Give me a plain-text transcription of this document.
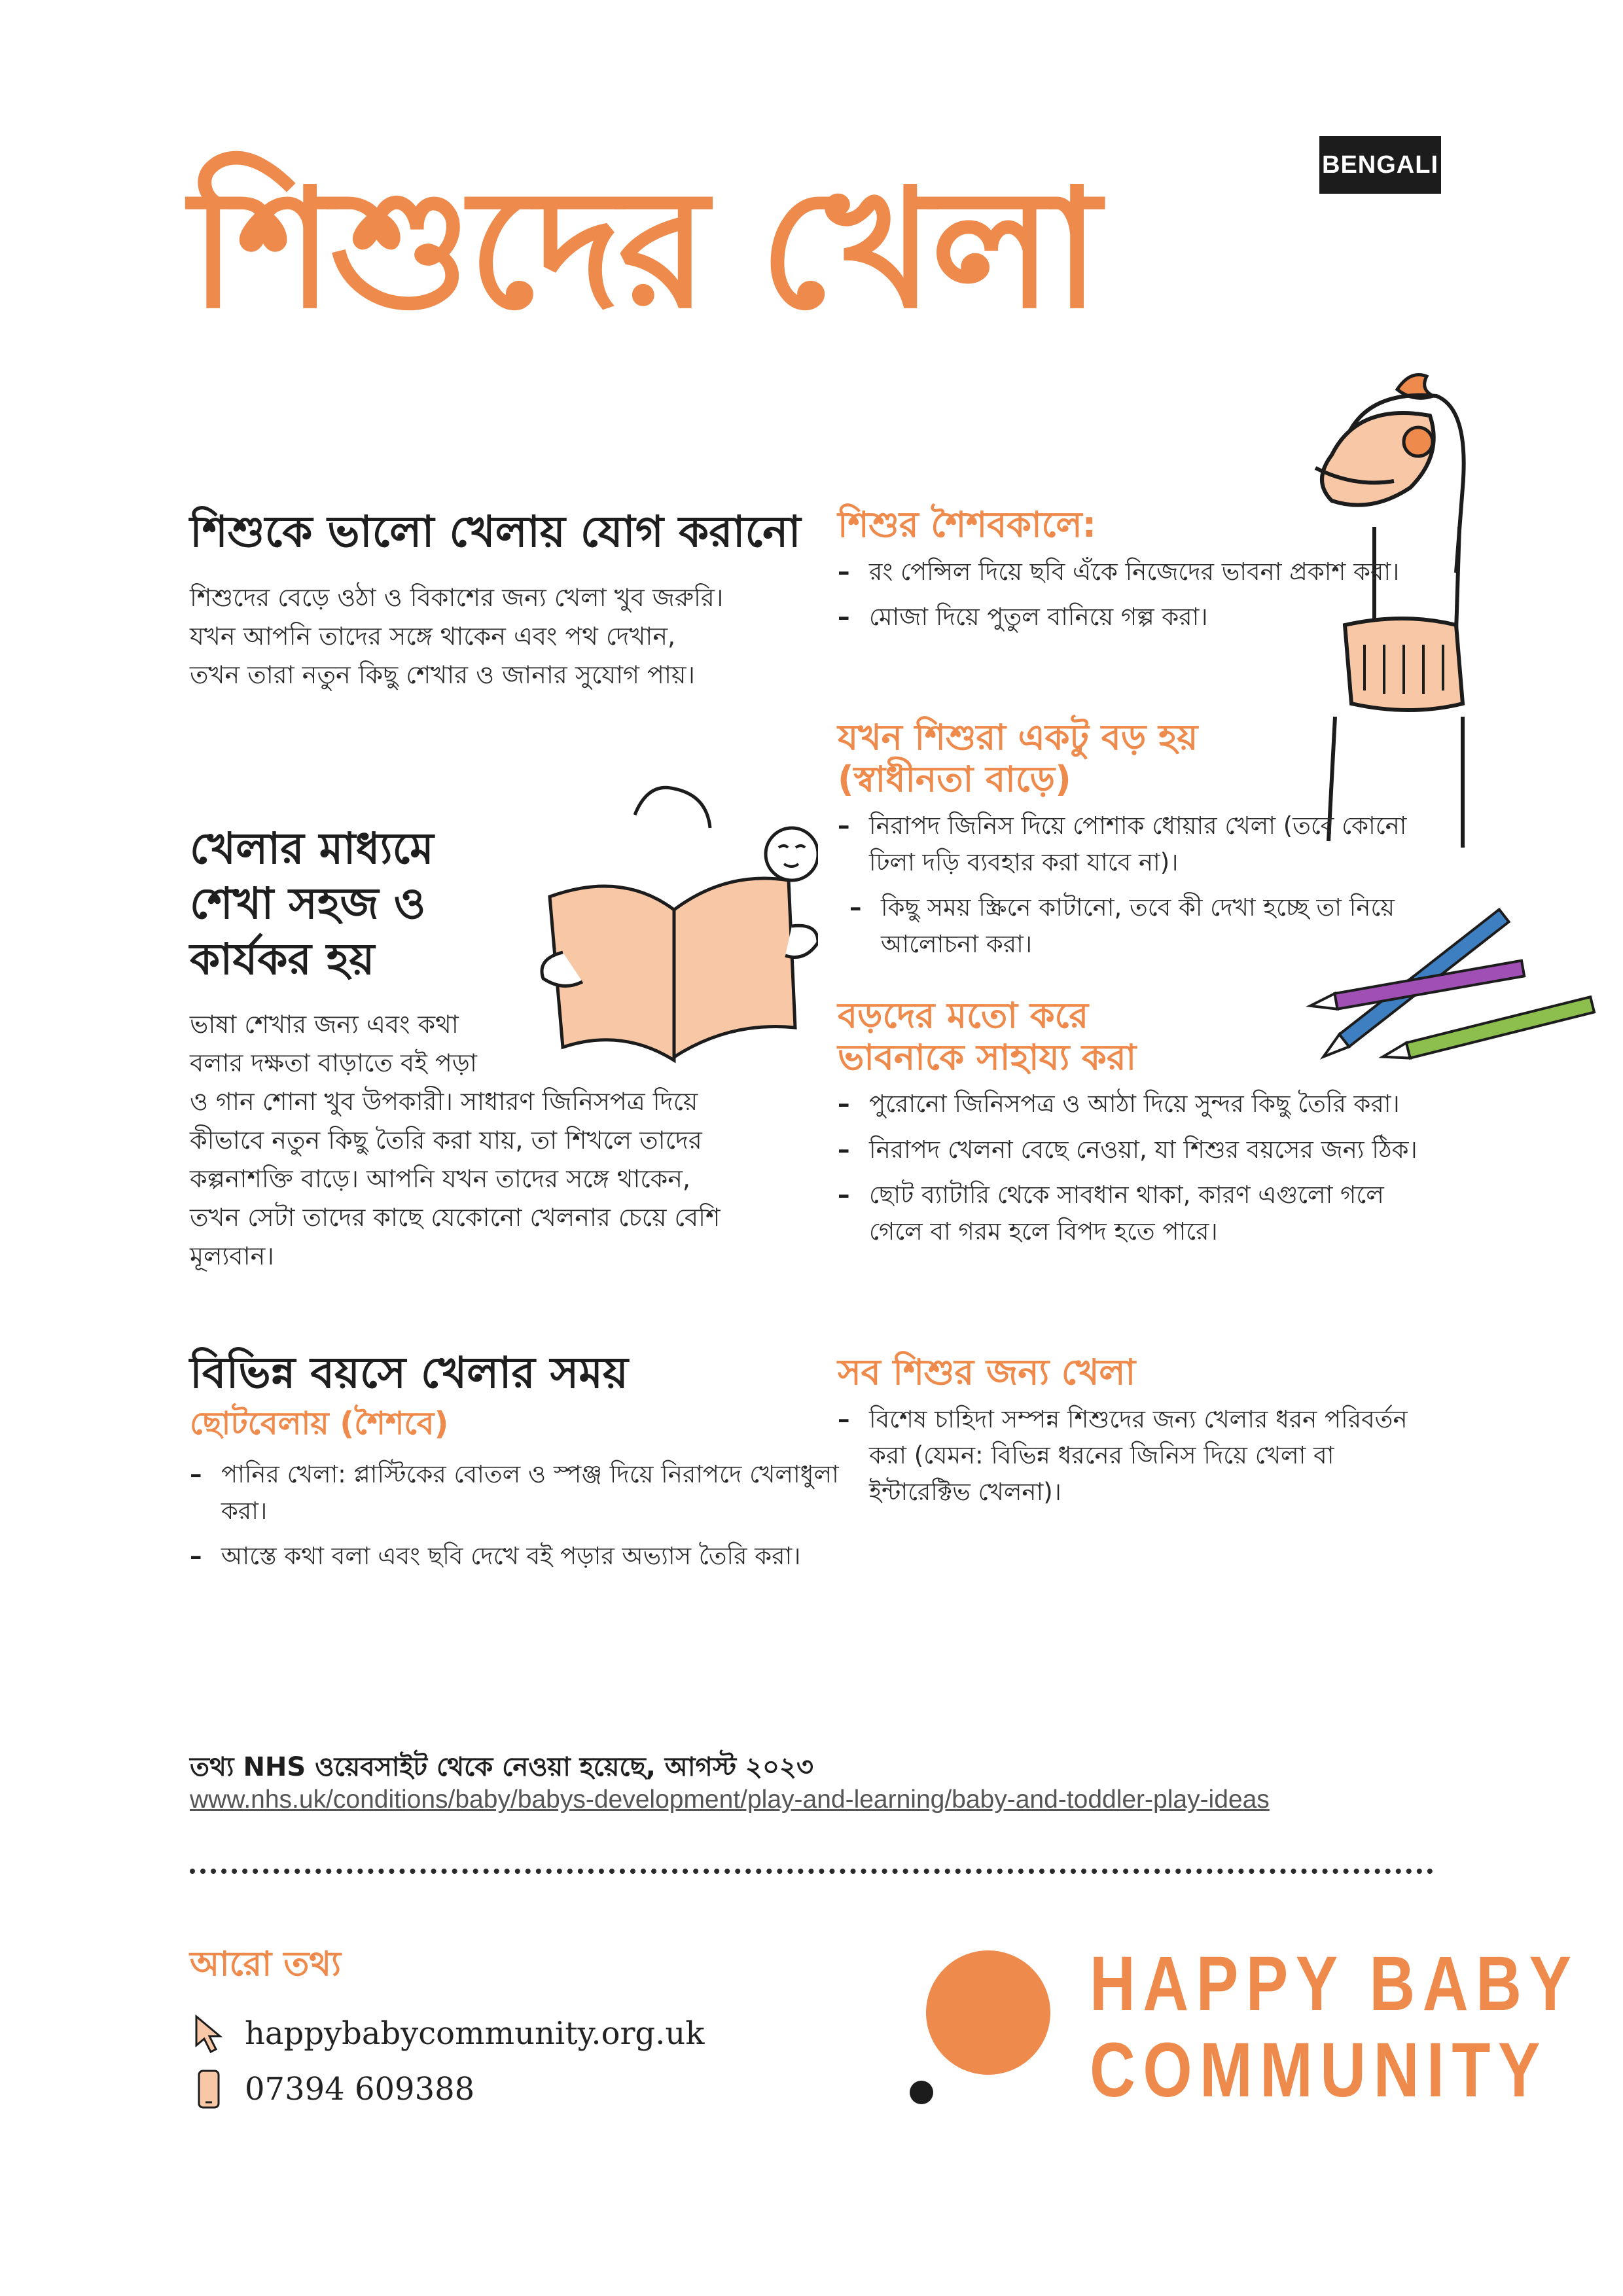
BENGALI
শিশুদের খেলা
শিশুকে ভালো খেলায় যোগ করানো
শিশুদের বেড়ে ওঠা ও বিকাশের জন্য খেলা খুব জরুরি।
যখন আপনি তাদের সঙ্গে থাকেন এবং পথ দেখান,
তখন তারা নতুন কিছু শেখার ও জানার সুযোগ পায়।
খেলার মাধ্যমে
শেখা সহজ ও
কার্যকর হয়
ভাষা শেখার জন্য এবং কথা
বলার দক্ষতা বাড়াতে বই পড়া
ও গান শোনা খুব উপকারী। সাধারণ জিনিসপত্র দিয়ে
কীভাবে নতুন কিছু তৈরি করা যায়, তা শিখলে তাদের
কল্পনাশক্তি বাড়ে। আপনি যখন তাদের সঙ্গে থাকেন,
তখন সেটা তাদের কাছে যেকোনো খেলনার চেয়ে বেশি
মূল্যবান।
বিভিন্ন বয়সে খেলার সময়
ছোটবেলায় (শৈশবে)
– পানির খেলা: প্লাস্টিকের বোতল ও স্পঞ্জ দিয়ে নিরাপদে খেলাধুলা করা।
– আস্তে কথা বলা এবং ছবি দেখে বই পড়ার অভ্যাস তৈরি করা।
শিশুর শৈশবকালে:
– রং পেন্সিল দিয়ে ছবি এঁকে নিজেদের ভাবনা প্রকাশ করা।
– মোজা দিয়ে পুতুল বানিয়ে গল্প করা।
যখন শিশুরা একটু বড় হয়
(স্বাধীনতা বাড়ে)
– নিরাপদ জিনিস দিয়ে পোশাক ধোয়ার খেলা (তবে কোনো ঢিলা দড়ি ব্যবহার করা যাবে না)।
– কিছু সময় স্ক্রিনে কাটানো, তবে কী দেখা হচ্ছে তা নিয়ে আলোচনা করা।
বড়দের মতো করে
ভাবনাকে সাহায্য করা
– পুরোনো জিনিসপত্র ও আঠা দিয়ে সুন্দর কিছু তৈরি করা।
– নিরাপদ খেলনা বেছে নেওয়া, যা শিশুর বয়সের জন্য ঠিক।
– ছোট ব্যাটারি থেকে সাবধান থাকা, কারণ এগুলো গলে গেলে বা গরম হলে বিপদ হতে পারে।
সব শিশুর জন্য খেলা
– বিশেষ চাহিদা সম্পন্ন শিশুদের জন্য খেলার ধরন পরিবর্তন করা (যেমন: বিভিন্ন ধরনের জিনিস দিয়ে খেলা বা ইন্টারেক্টিভ খেলনা)।
তথ্য NHS ওয়েবসাইট থেকে নেওয়া হয়েছে, আগস্ট ২০২৩
www.nhs.uk/conditions/baby/babys-development/play-and-learning/baby-and-toddler-play-ideas
আরো তথ্য
happybabycommunity.org.uk
07394 609388
HAPPY BABY
COMMUNITY
